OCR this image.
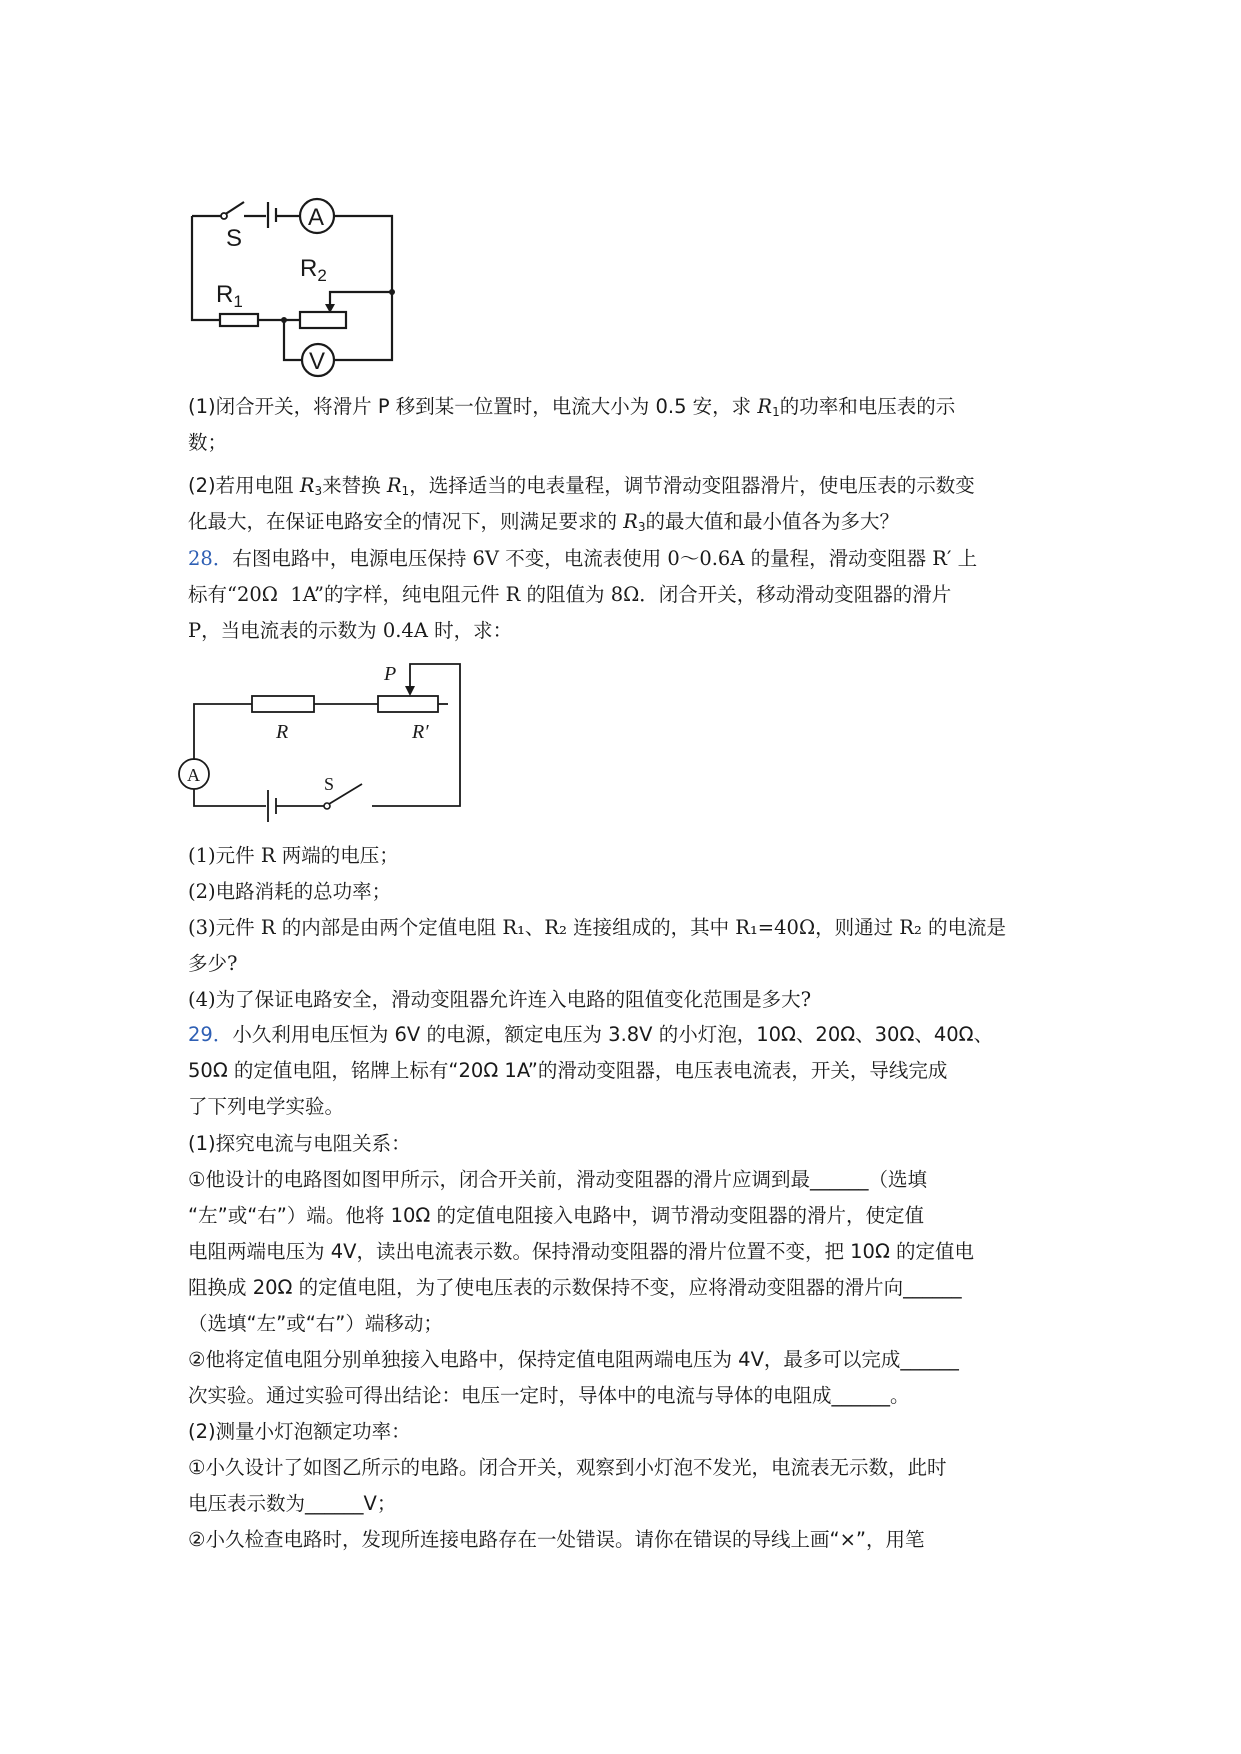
A
S
$R_1$
$R_2$
V
(1)闭合开关，将滑片 P 移到某一位置时，电流大小为 0.5 安，求 $R_1$的功率和电压表的示
数；
(2)若用电阻 $R_3$来替换 $R_1$，选择适当的电表量程，调节滑动变阻器滑片，使电压表的示数变
化最大，在保证电路安全的情况下，则满足要求的 $R_3$的最大值和最小值各为多大？
28．右图电路中，电源电压保持 6V 不变，电流表使用 0～0.6A 的量程，滑动变阻器 R′ 上
标有“20Ω  1A”的字样，纯电阻元件 R 的阻值为 8Ω．闭合开关，移动滑动变阻器的滑片
P，当电流表的示数为 0.4A 时，求：
P
R	R′
A	S
(1)元件 R 两端的电压；
(2)电路消耗的总功率；
(3)元件 R 的内部是由两个定值电阻 R₁、R₂ 连接组成的，其中 R₁=40Ω，则通过 R₂ 的电流是
多少?
(4)为了保证电路安全，滑动变阻器允许连入电路的阻值变化范围是多大?
29．小久利用电压恒为 6V 的电源，额定电压为 3.8V 的小灯泡，10Ω、20Ω、30Ω、40Ω、
50Ω 的定值电阻，铭牌上标有“20Ω 1A”的滑动变阻器，电压表电流表，开关，导线完成
了下列电学实验。
(1)探究电流与电阻关系：
①他设计的电路图如图甲所示，闭合开关前，滑动变阻器的滑片应调到最______（选填
“左”或“右”）端。他将 10Ω 的定值电阻接入电路中，调节滑动变阻器的滑片，使定值
电阻两端电压为 4V，读出电流表示数。保持滑动变阻器的滑片位置不变，把 10Ω 的定值电
阻换成 20Ω 的定值电阻，为了使电压表的示数保持不变，应将滑动变阻器的滑片向______
（选填“左”或“右”）端移动；
②他将定值电阻分别单独接入电路中，保持定值电阻两端电压为 4V，最多可以完成______
次实验。通过实验可得出结论：电压一定时，导体中的电流与导体的电阻成______。
(2)测量小灯泡额定功率：
①小久设计了如图乙所示的电路。闭合开关，观察到小灯泡不发光，电流表无示数，此时
电压表示数为______V；
②小久检查电路时，发现所连接电路存在一处错误。请你在错误的导线上画“×”，用笔
